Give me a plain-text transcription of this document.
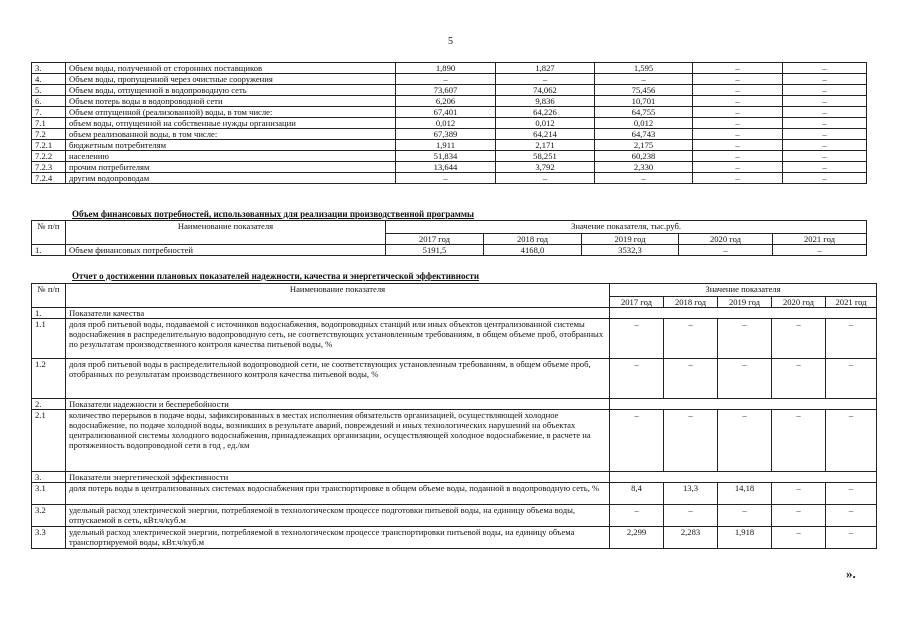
5
3.	Объем воды, полученной от сторонних поставщиков	1,890	1,827	1,595	–	–
4.	Объем воды, пропущенной через очистные сооружения	–	–	–	–	–
5.	Объем воды, отпущенной в водопроводную сеть	73,607	74,062	75,456	–	–
6.	Объем потерь воды в водопроводной сети	6,206	9,836	10,701	–	–
7.	Объем отпущенной (реализованной) воды, в том числе:	67,401	64,226	64,755	–	–
7.1	объем воды, отпущенной на собственные нужды организации	0,012	0,012	0,012	–	–
7.2	объем реализованной воды, в том числе:	67,389	64,214	64,743	–	–
7.2.1	бюджетным потребителям	1,911	2,171	2,175	–	–
7.2.2	населению	51,834	58,251	60,238	–	–
7.2.3	прочим потребителям	13,644	3,792	2,330	–	–
7.2.4	другим водопроводам	–	–	–	–	–
Объем финансовых потребностей, использованных для реализации производственной программы
№ п/п	Наименование показателя	Значение показателя, тыс.руб.				
		2017 год	2018 год	2019 год	2020 год	2021 год
1.	Объем финансовых потребностей	5191,5	4168,0	3532,3	–	–
Отчет о достижении плановых показателей надежности, качества и энергетической эффективности
№ п/п	Наименование показателя	Значение показателя				
		2017 год	2018 год	2019 год	2020 год	2021 год
1.	Показатели качества					
1.1	доля проб питьевой воды, подаваемой с источников водоснабжения, водопроводных станций или иных объектов централизованной системы водоснабжения в распределительную водопроводную сеть, не соответствующих установленным требованиям, в общем объеме проб, отобранных по результатам производственного контроля качества питьевой воды, %	–	–	–	–	–
1.2	доля проб питьевой воды в распределительной водопроводной сети, не соответствующих установленным требованиям, в общем объеме проб, отобранных по результатам производственного контроля качества питьевой воды, %	–	–	–	–	–
2.	Показатели надежности и бесперебойности					
2.1	количество перерывов в подаче воды, зафиксированных в местах исполнения обязательств организацией, осуществляющей холодное водоснабжение, по подаче холодной воды, возникших в результате аварий, повреждений и иных технологических нарушений на объектах централизованной системы холодного водоснабжения, принадлежащих организации, осуществляющей холодное водоснабжение, в расчете на протяженность водопроводной сети в год , ед./км	–	–	–	–	–
3.	Показатели энергетической эффективности					
3.1	доля потерь воды в централизованных системах водоснабжения при транспортировке в общем объеме воды, поданной в водопроводную сеть, %	8,4	13,3	14,18	–	–
3.2	удельный расход электрической энергии, потребляемой в технологическом процессе подготовки питьевой воды, на единицу объема воды, отпускаемой в сеть, кВт.ч/куб.м	–	–	–	–	–
3.3	удельный расход электрической энергии, потребляемой в технологическом процессе транспортировки питьевой воды, на единицу объема транспортируемой воды, кВт.ч/куб.м	2,299	2,283	1,918	–	–
».
